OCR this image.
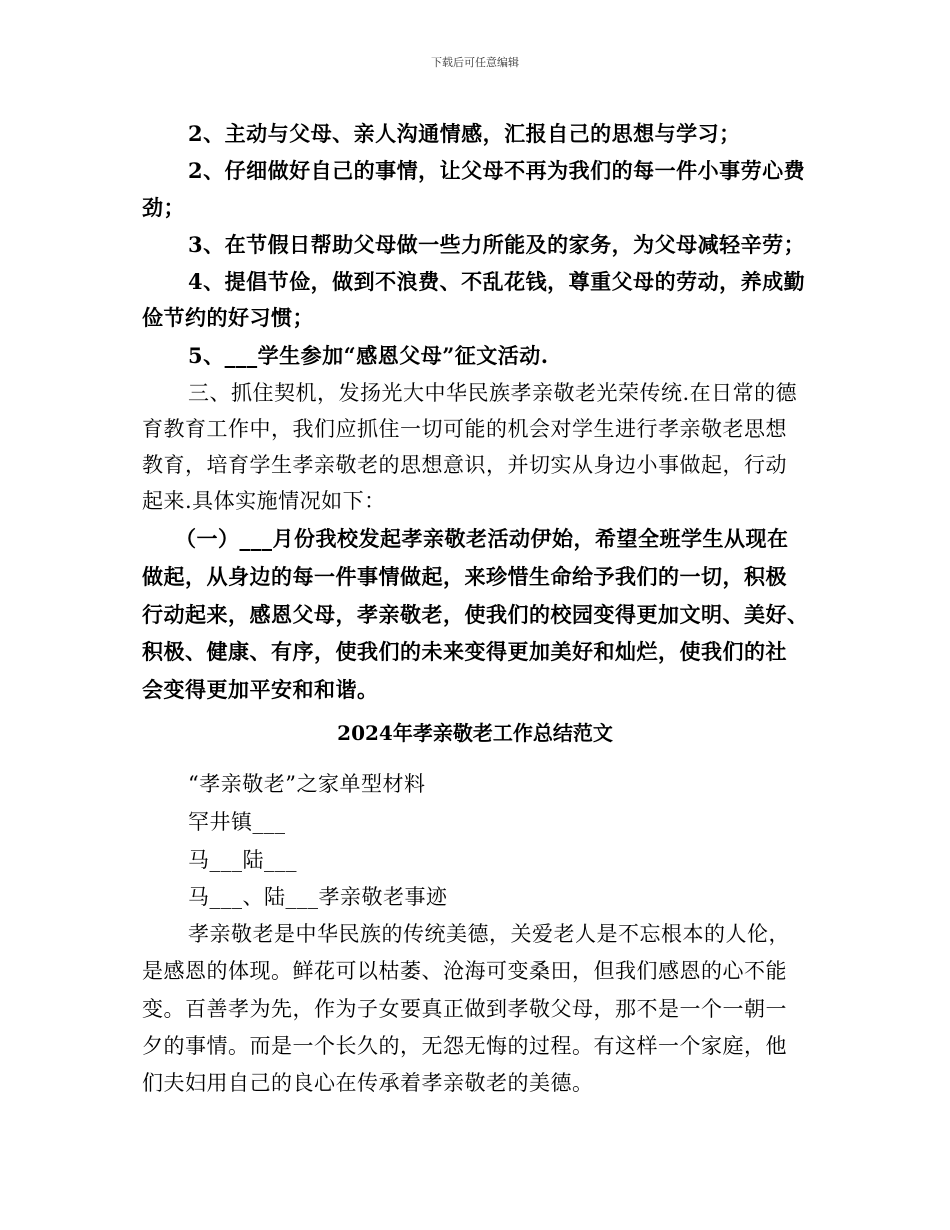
下载后可任意编辑
2、主动与父母、亲人沟通情感，汇报自己的思想与学习；
2、仔细做好自己的事情，让父母不再为我们的每一件小事劳心费
劲；
3、在节假日帮助父母做一些力所能及的家务，为父母减轻辛劳；
4、提倡节俭，做到不浪费、不乱花钱，尊重父母的劳动，养成勤
俭节约的好习惯；
5、___学生参加“感恩父母”征文活动.
三、抓住契机，发扬光大中华民族孝亲敬老光荣传统.在日常的德
育教育工作中，我们应抓住一切可能的机会对学生进行孝亲敬老思想
教育，培育学生孝亲敬老的思想意识，并切实从身边小事做起，行动
起来.具体实施情况如下：
（一）___月份我校发起孝亲敬老活动伊始，希望全班学生从现在
做起，从身边的每一件事情做起，来珍惜生命给予我们的一切，积极
行动起来，感恩父母，孝亲敬老，使我们的校园变得更加文明、美好、
积极、健康、有序，使我们的未来变得更加美好和灿烂，使我们的社
会变得更加平安和和谐。
2024年孝亲敬老工作总结范文
“孝亲敬老”之家单型材料
罕井镇___
马___陆___
马___、陆___孝亲敬老事迹
孝亲敬老是中华民族的传统美德，关爱老人是不忘根本的人伦，
是感恩的体现。鲜花可以枯萎、沧海可变桑田，但我们感恩的心不能
变。百善孝为先，作为子女要真正做到孝敬父母，那不是一个一朝一
夕的事情。而是一个长久的，无怨无悔的过程。有这样一个家庭，他
们夫妇用自己的良心在传承着孝亲敬老的美德。
